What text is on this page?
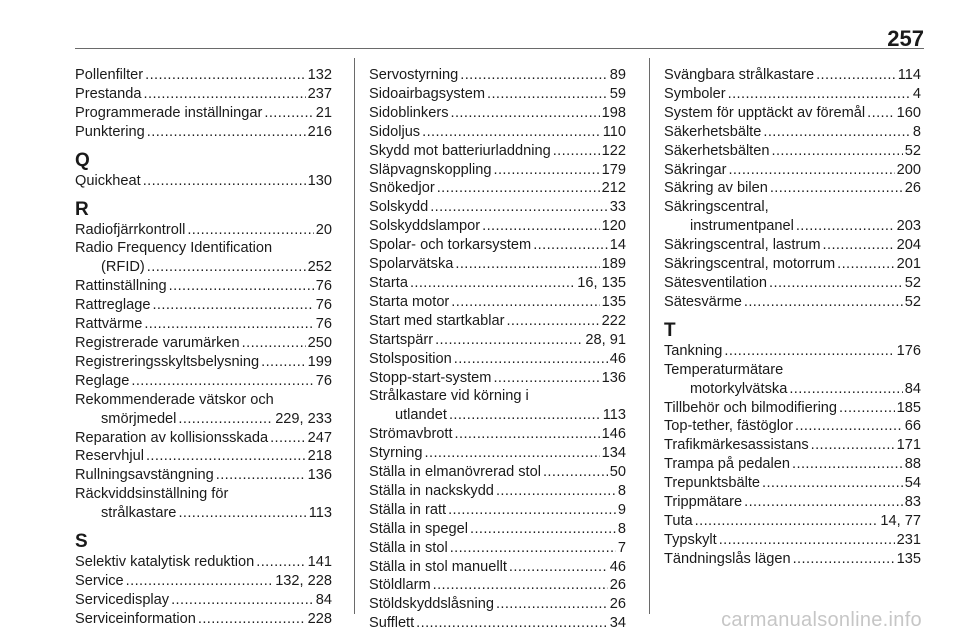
257
Pollenfilter .....	132
Prestanda .....	237
Programmerade inställningar .....	21
Punktering .....	216
Q
Quickheat .....	130
R
Radiofjärrkontroll .....	20
Radio Frequency Identification
(RFID) .....	252
Rattinställning .....	76
Rattreglage .....	76
Rattvärme .....	76
Registrerade varumärken .....	250
Registreringsskyltsbelysning .....	199
Reglage .....	76
Rekommenderade vätskor och
smörjmedel .....	229, 233
Reparation av kollisionsskada .....	247
Reservhjul .....	218
Rullningsavstängning .....	136
Räckviddsinställning för
strålkastare .....	113
S
Selektiv katalytisk reduktion .....	141
Service .....	132, 228
Servicedisplay .....	84
Serviceinformation .....	228
Servostyrning .....	89
Sidoairbagsystem .....	59
Sidoblinkers .....	198
Sidoljus .....	110
Skydd mot batteriurladdning .....	122
Släpvagnskoppling .....	179
Snökedjor .....	212
Solskydd .....	33
Solskyddslampor .....	120
Spolar- och torkarsystem .....	14
Spolarvätska .....	189
Starta .....	16, 135
Starta motor .....	135
Start med startkablar .....	222
Startspärr .....	28, 91
Stolsposition .....	46
Stopp-start-system .....	136
Strålkastare vid körning i
utlandet .....	113
Strömavbrott .....	146
Styrning .....	134
Ställa in elmanövrerad stol .....	50
Ställa in nackskydd .....	8
Ställa in ratt .....	9
Ställa in spegel .....	8
Ställa in stol .....	7
Ställa in stol manuellt .....	46
Stöldlarm .....	26
Stöldskyddslåsning .....	26
Sufflett .....	34
Svängbara strålkastare .....	114
Symboler .....	4
System för upptäckt av föremål ..... 160
Säkerhetsbälte .....	8
Säkerhetsbälten .....	52
Säkringar .....	200
Säkring av bilen .....	26
Säkringscentral,
instrumentpanel .....	203
Säkringscentral, lastrum .....	204
Säkringscentral, motorrum .....	201
Sätesventilation .....	52
Sätesvärme .....	52
T
Tankning .....	176
Temperaturmätare
motorkylvätska .....	84
Tillbehör och bilmodifiering .....	185
Top-tether, fästöglor .....	66
Trafikmärkesassistans .....	171
Trampa på pedalen .....	88
Trepunktsbälte .....	54
Trippmätare .....	83
Tuta .....	14, 77
Typskylt .....	231
Tändningslås lägen .....	135
carmanualsonline.info
